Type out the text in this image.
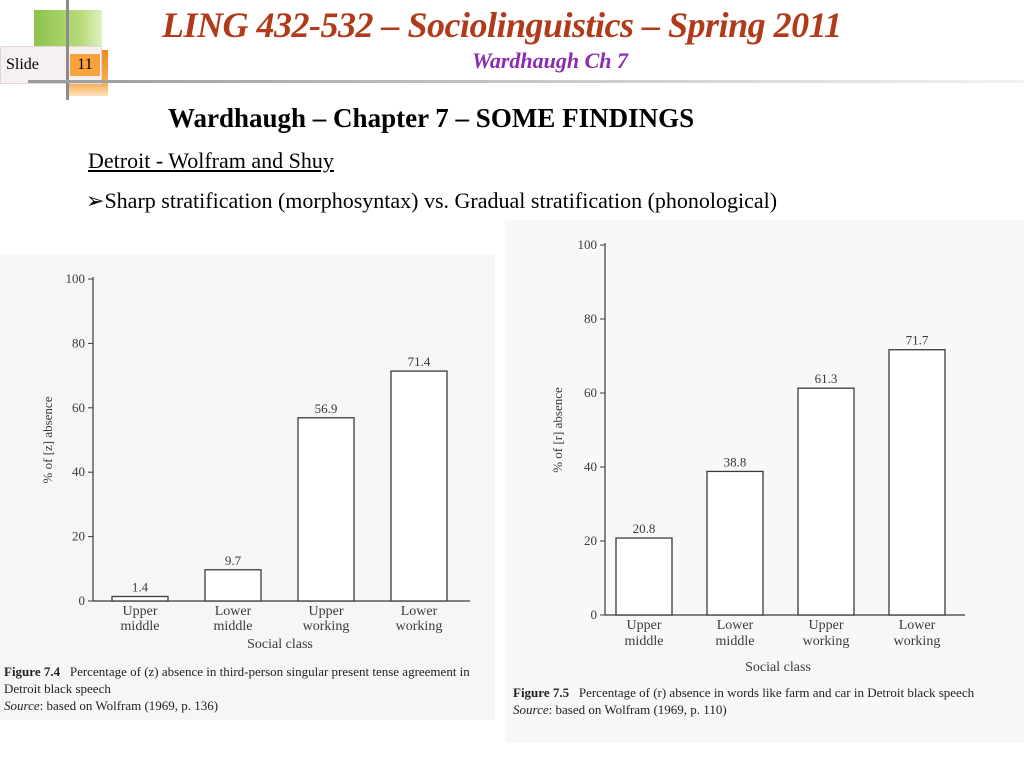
Slide	11
LING 432-532 – Sociolinguistics – Spring 2011
Wardhaugh Ch 7
Wardhaugh – Chapter 7 – SOME FINDINGS
Detroit - Wolfram and Shuy
➢Sharp stratification (morphosyntax) vs. Gradual stratification (phonological)
0
20
40
60
80
100
% of [z] absence
1.4
Upper
middle
9.7
Lower
middle
56.9
Upper
working
71.4
Lower
working
Social class
Figure 7.4 Percentage of (z) absence in third-person singular present tense agreement in Detroit black speech
Source: based on Wolfram (1969, p. 136)
0
20
40
60
80
100
% of [r] absence
20.8
Upper
middle
38.8
Lower
middle
61.3
Upper
working
71.7
Lower
working
Social class
Figure 7.5 Percentage of (r) absence in words like farm and car in Detroit black speech
Source: based on Wolfram (1969, p. 110)
